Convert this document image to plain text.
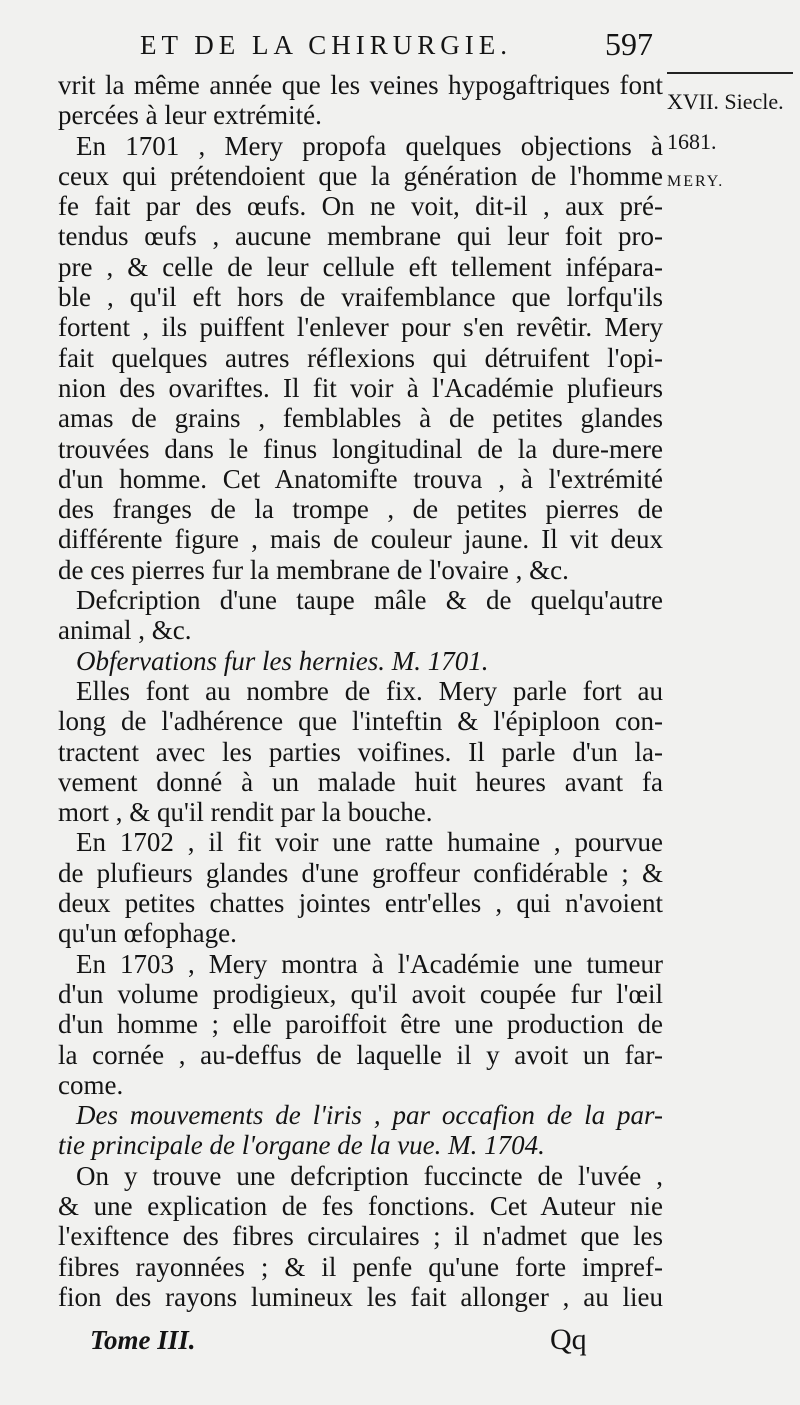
ET DE LA CHIRURGIE.	597
XVII. Siecle.
1681.
MERY.
vrit la même année que les veines hypogaftriques font
percées à leur extrémité.
En 1701 , Mery propofa quelques objections à
ceux qui prétendoient que la génération de l'homme
fe fait par des œufs. On ne voit, dit-il , aux pré-
tendus œufs , aucune membrane qui leur foit pro-
pre , & celle de leur cellule eft tellement infépara-
ble , qu'il eft hors de vraifemblance que lorfqu'ils
fortent , ils puiffent l'enlever pour s'en revêtir. Mery
fait quelques autres réflexions qui détruifent l'opi-
nion des ovariftes. Il fit voir à l'Académie plufieurs
amas de grains , femblables à de petites glandes
trouvées dans le finus longitudinal de la dure-mere
d'un homme. Cet Anatomifte trouva , à l'extrémité
des franges de la trompe , de petites pierres de
différente figure , mais de couleur jaune. Il vit deux
de ces pierres fur la membrane de l'ovaire , &c.
Defcription d'une taupe mâle & de quelqu'autre
animal , &c.
Obfervations fur les hernies. M. 1701.
Elles font au nombre de fix. Mery parle fort au
long de l'adhérence que l'inteftin & l'épiploon con-
tractent avec les parties voifines. Il parle d'un la-
vement donné à un malade huit heures avant fa
mort , & qu'il rendit par la bouche.
En 1702 , il fit voir une ratte humaine , pourvue
de plufieurs glandes d'une groffeur confidérable ; &
deux petites chattes jointes entr'elles , qui n'avoient
qu'un œfophage.
En 1703 , Mery montra à l'Académie une tumeur
d'un volume prodigieux, qu'il avoit coupée fur l'œil
d'un homme ; elle paroiffoit être une production de
la cornée , au-deffus de laquelle il y avoit un far-
come.
Des mouvements de l'iris , par occafion de la par-
tie principale de l'organe de la vue. M. 1704.
On y trouve une defcription fuccincte de l'uvée ,
& une explication de fes fonctions. Cet Auteur nie
l'exiftence des fibres circulaires ; il n'admet que les
fibres rayonnées ; & il penfe qu'une forte impref-
fion des rayons lumineux les fait allonger , au lieu
Tome III.	Qq
